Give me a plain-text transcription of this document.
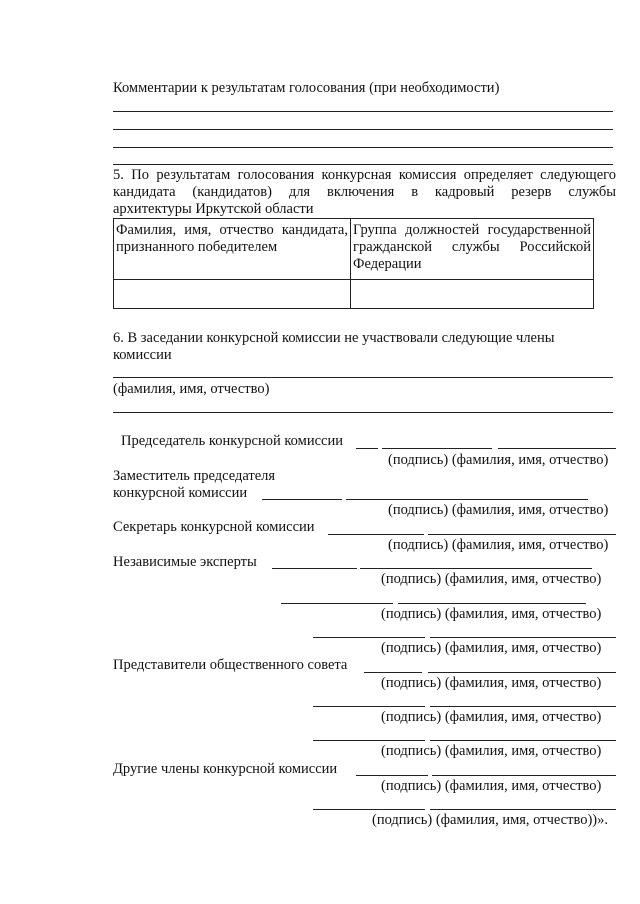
Комментарии к результатам голосования (при необходимости)
5. По результатам голосования конкурсная комиссия определяет следующего
кандидата (кандидатов) для включения в кадровый резерв службы
архитектуры Иркутской области
Фамилия, имя, отчество кандидата, признанного победителем	Группа должностей государственной гражданской службы Российской Федерации

6. В заседании конкурсной комиссии не участвовали следующие члены
комиссии
(фамилия, имя, отчество)
Председатель конкурсной комиссии
(подпись) (фамилия, имя, отчество)
Заместитель председателя
конкурсной комиссии
(подпись) (фамилия, имя, отчество)
Секретарь конкурсной комиссии
(подпись) (фамилия, имя, отчество)
Независимые эксперты
(подпись) (фамилия, имя, отчество)
(подпись) (фамилия, имя, отчество)
(подпись) (фамилия, имя, отчество)
Представители общественного совета
(подпись) (фамилия, имя, отчество)
(подпись) (фамилия, имя, отчество)
(подпись) (фамилия, имя, отчество)
Другие члены конкурсной комиссии
(подпись) (фамилия, имя, отчество)
(подпись) (фамилия, имя, отчество))».
